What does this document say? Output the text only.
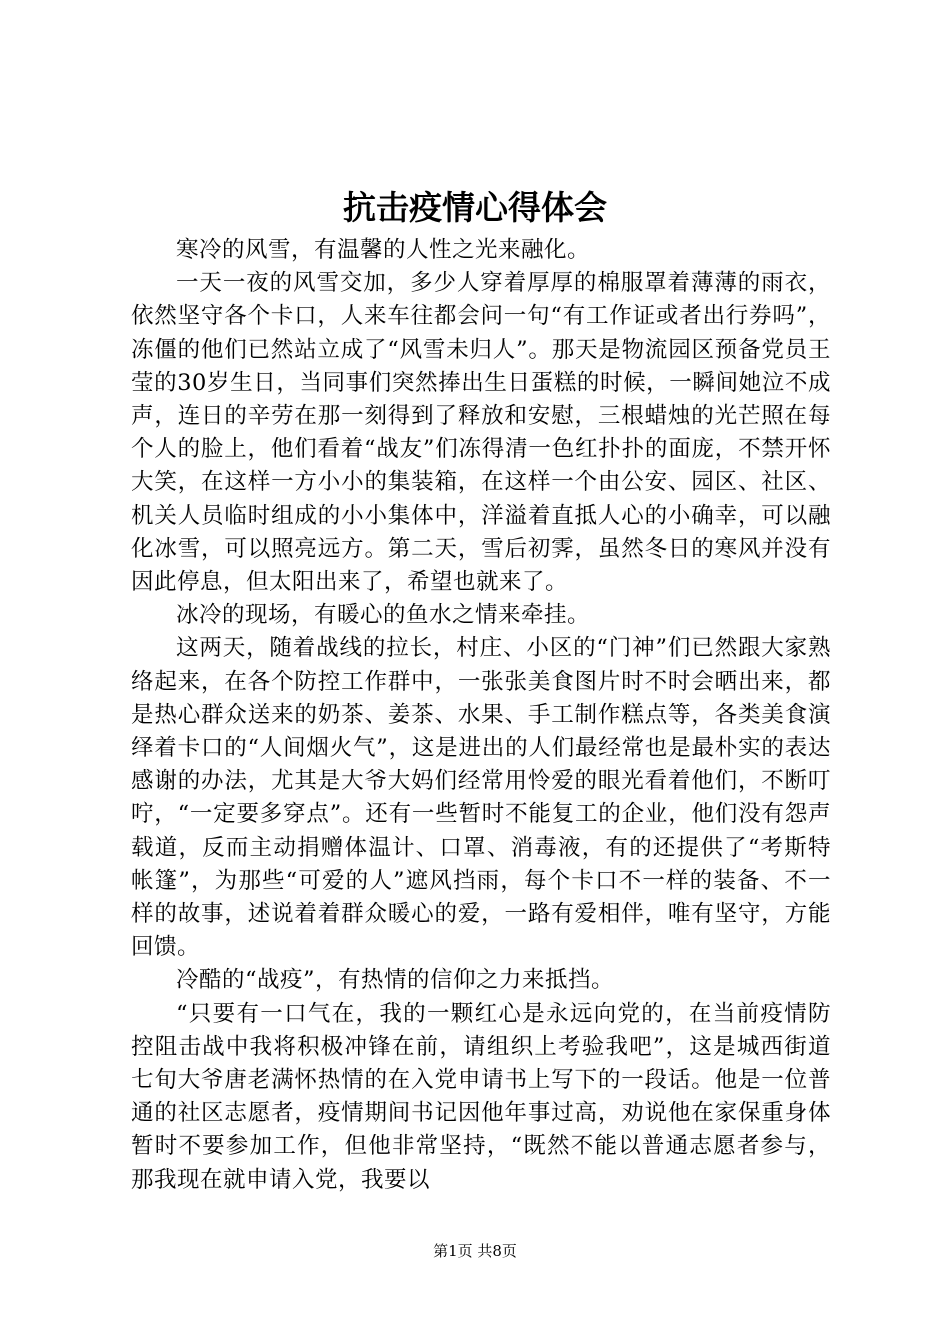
抗击疫情心得体会

寒冷的风雪，有温馨的人性之光来融化。

一天一夜的风雪交加，多少人穿着厚厚的棉服罩着薄薄的雨衣，依然坚守各个卡口，人来车往都会问一句“有工作证或者出行券吗”，冻僵的他们已然站立成了“风雪未归人”。那天是物流园区预备党员王莹的30岁生日，当同事们突然捧出生日蛋糕的时候，一瞬间她泣不成声，连日的辛劳在那一刻得到了释放和安慰，三根蜡烛的光芒照在每个人的脸上，他们看着“战友”们冻得清一色红扑扑的面庞，不禁开怀大笑，在这样一方小小的集装箱，在这样一个由公安、园区、社区、机关人员临时组成的小小集体中，洋溢着直抵人心的小确幸，可以融化冰雪，可以照亮远方。第二天，雪后初霁，虽然冬日的寒风并没有因此停息，但太阳出来了，希望也就来了。

冰冷的现场，有暖心的鱼水之情来牵挂。

这两天，随着战线的拉长，村庄、小区的“门神”们已然跟大家熟络起来，在各个防控工作群中，一张张美食图片时不时会晒出来，都是热心群众送来的奶茶、姜茶、水果、手工制作糕点等，各类美食演绎着卡口的“人间烟火气”，这是进出的人们最经常也是最朴实的表达感谢的办法，尤其是大爷大妈们经常用怜爱的眼光看着他们，不断叮咛，“一定要多穿点”。还有一些暂时不能复工的企业，他们没有怨声载道，反而主动捐赠体温计、口罩、消毒液，有的还提供了“考斯特帐篷”，为那些“可爱的人”遮风挡雨，每个卡口不一样的装备、不一样的故事，述说着着群众暖心的爱，一路有爱相伴，唯有坚守，方能回馈。

冷酷的“战疫”，有热情的信仰之力来抵挡。

“只要有一口气在，我的一颗红心是永远向党的，在当前疫情防控阻击战中我将积极冲锋在前，请组织上考验我吧”，这是城西街道七旬大爷唐老满怀热情的在入党申请书上写下的一段话。他是一位普通的社区志愿者，疫情期间书记因他年事过高，劝说他在家保重身体暂时不要参加工作，但他非常坚持，“既然不能以普通志愿者参与，那我现在就申请入党，我要以

第1页 共8页
